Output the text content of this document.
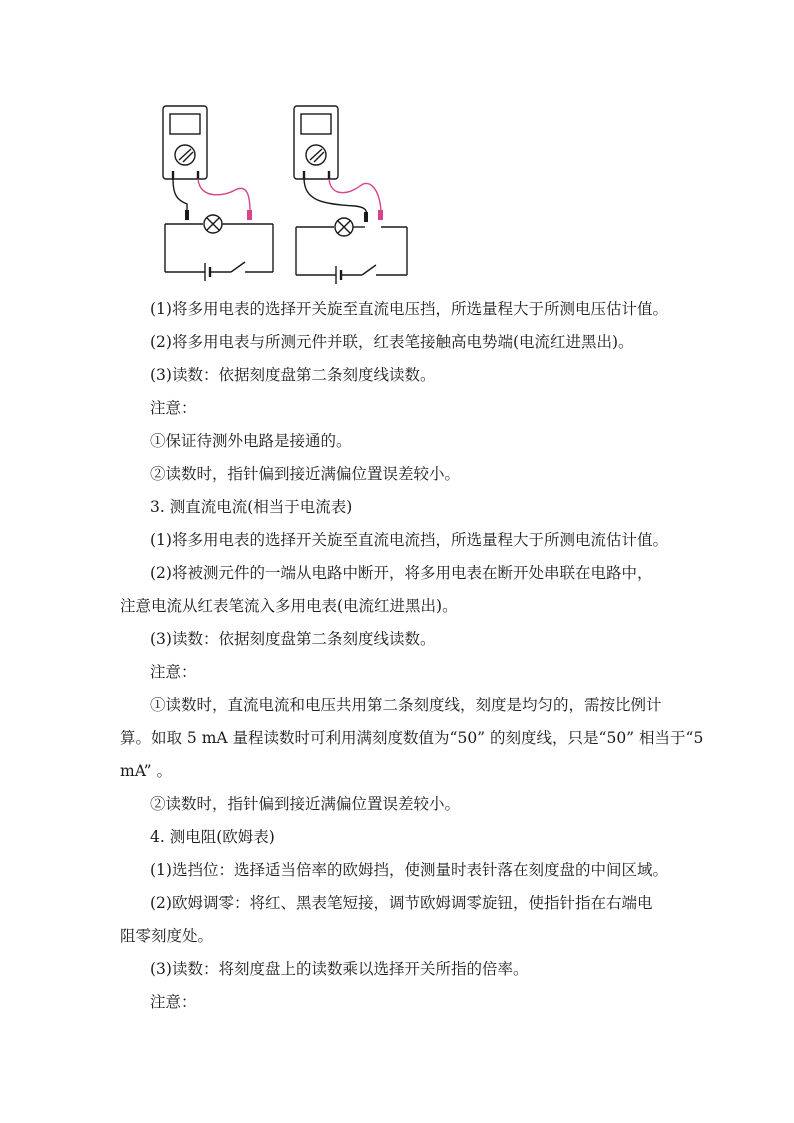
(1)将多用电表的选择开关旋至直流电压挡，所选量程大于所测电压估计值。
(2)将多用电表与所测元件并联，红表笔接触高电势端(电流红进黑出)。
(3)读数：依据刻度盘第二条刻度线读数。
注意：
①保证待测外电路是接通的。
②读数时，指针偏到接近满偏位置误差较小。
3. 测直流电流(相当于电流表)
(1)将多用电表的选择开关旋至直流电流挡，所选量程大于所测电流估计值。
(2)将被测元件的一端从电路中断开，将多用电表在断开处串联在电路中，
注意电流从红表笔流入多用电表(电流红进黑出)。
(3)读数：依据刻度盘第二条刻度线读数。
注意：
①读数时，直流电流和电压共用第二条刻度线，刻度是均匀的，需按比例计
算。如取 5 mA 量程读数时可利用满刻度数值为“50” 的刻度线，只是“50” 相当于“5
mA” 。
②读数时，指针偏到接近满偏位置误差较小。
4. 测电阻(欧姆表)
(1)选挡位：选择适当倍率的欧姆挡，使测量时表针落在刻度盘的中间区域。
(2)欧姆调零：将红、黑表笔短接，调节欧姆调零旋钮，使指针指在右端电
阻零刻度处。
(3)读数：将刻度盘上的读数乘以选择开关所指的倍率。
注意：
